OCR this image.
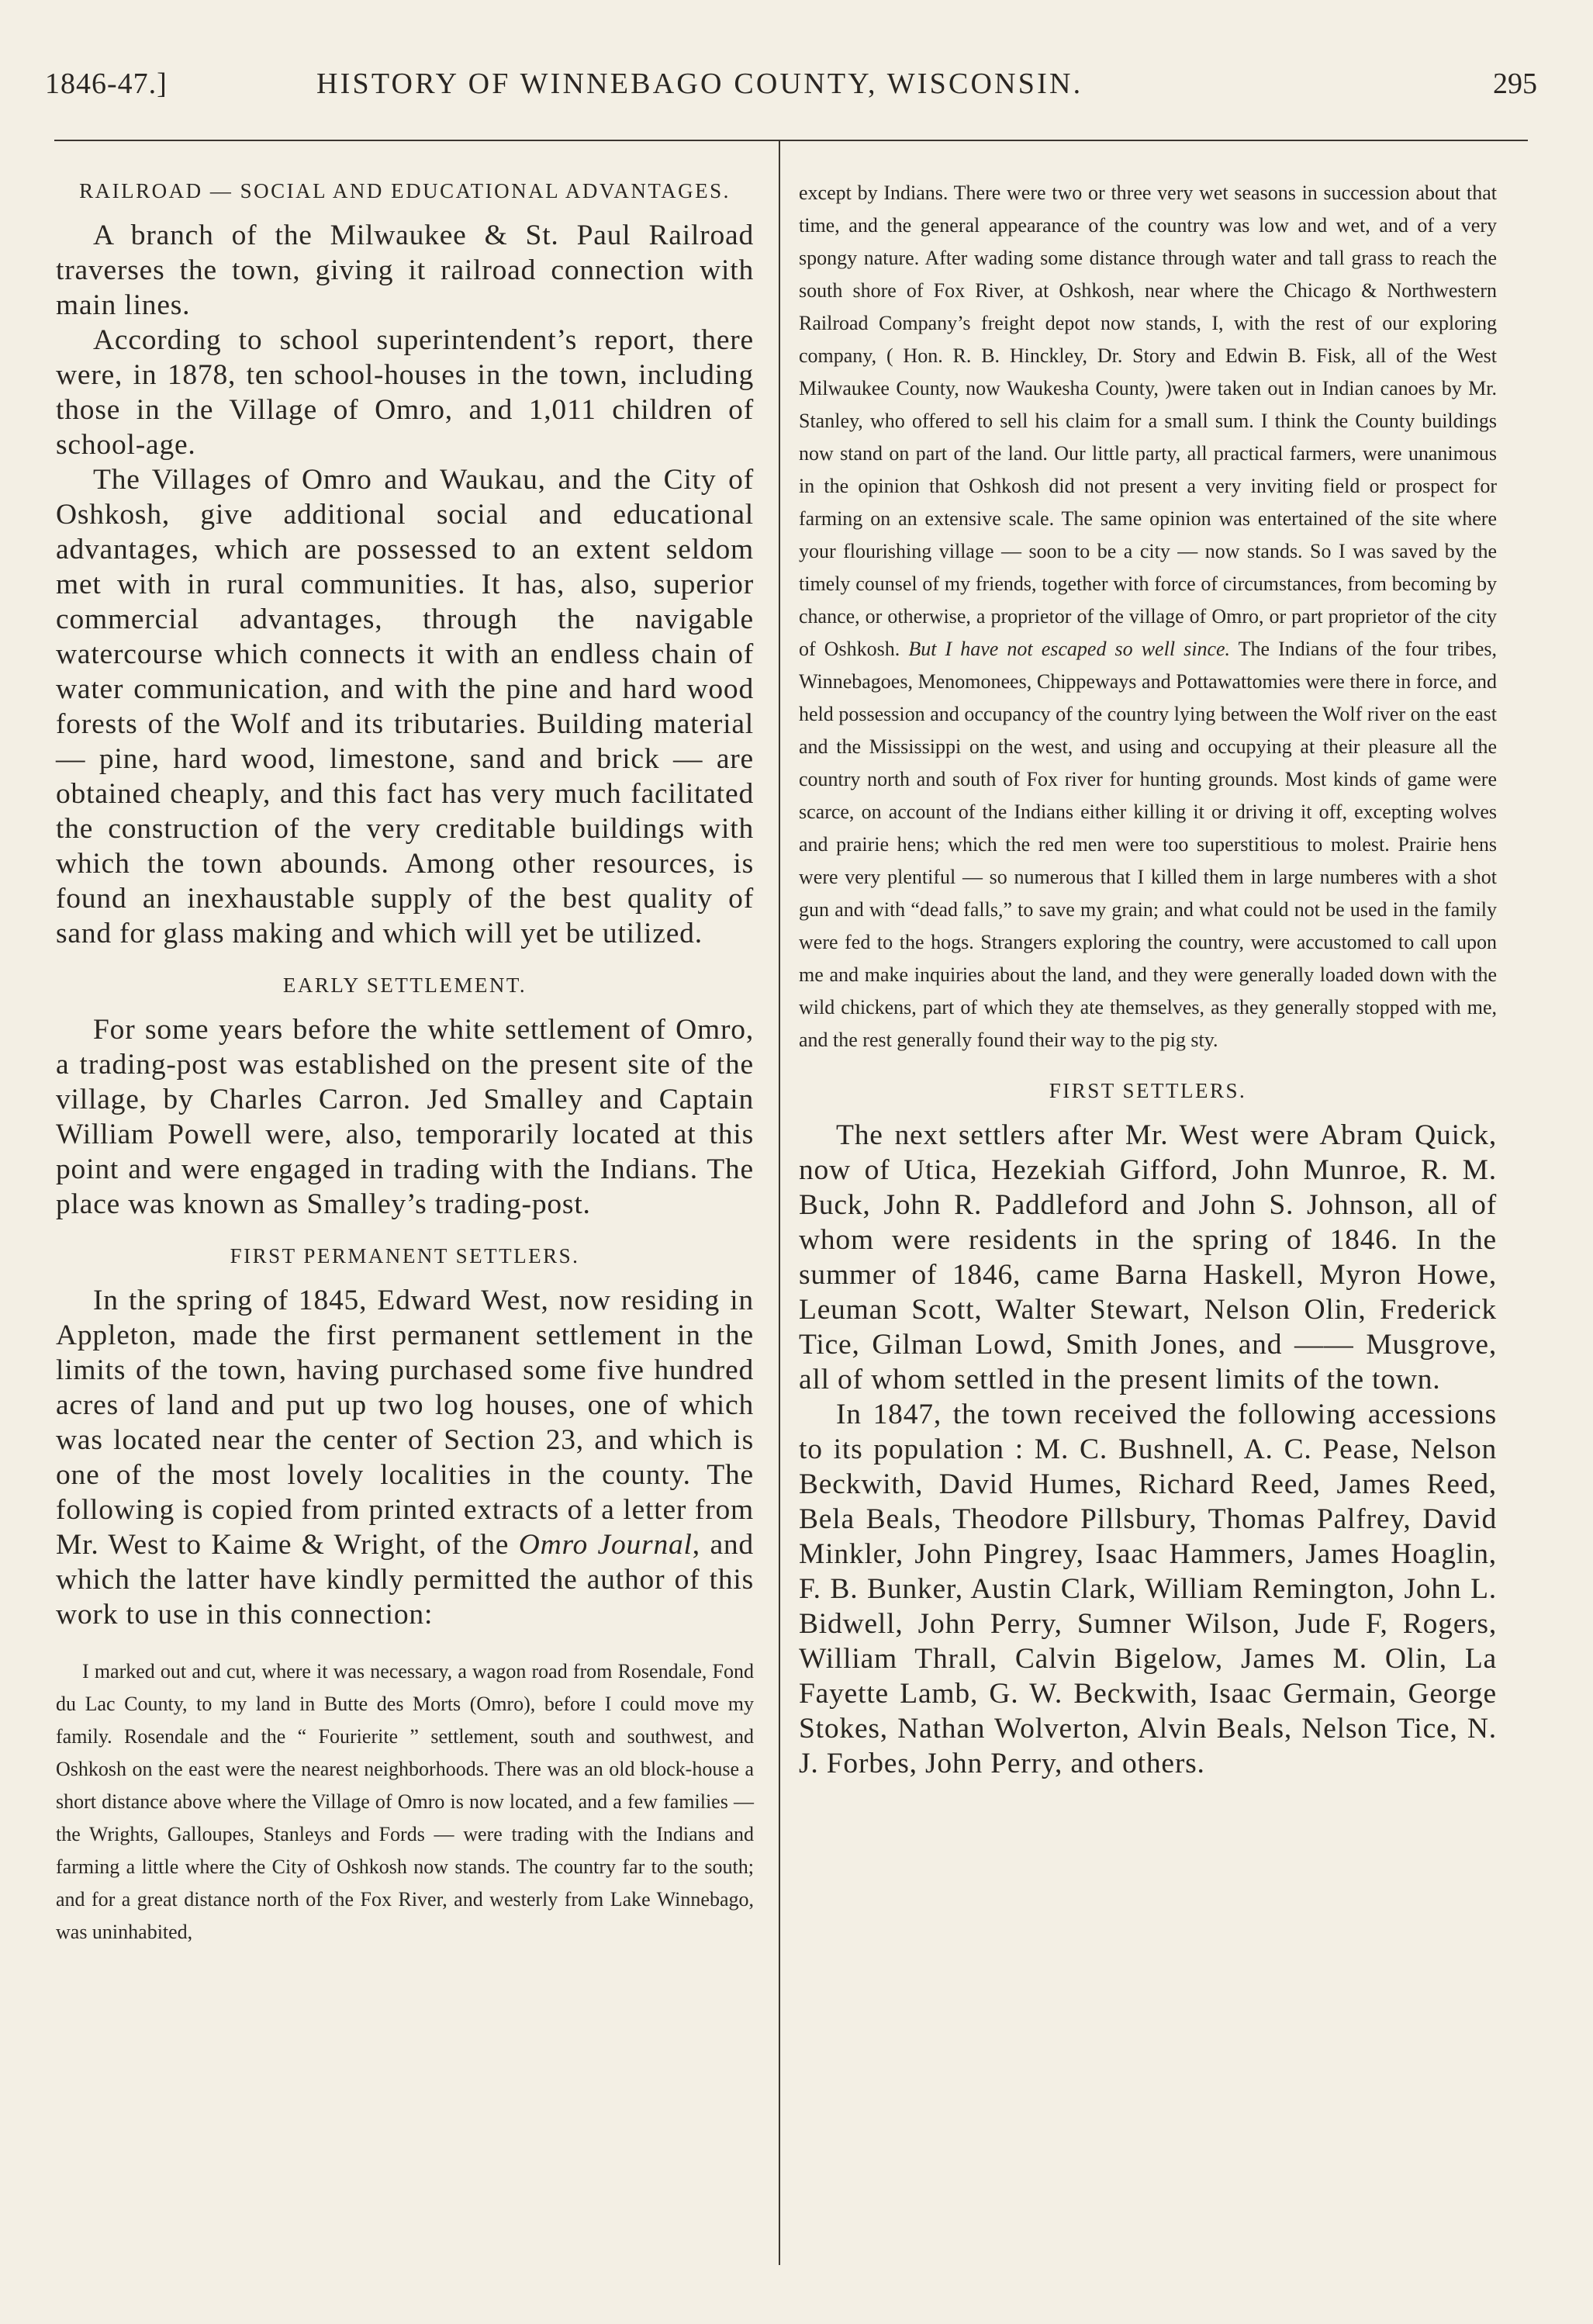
1846-47.]	HISTORY OF WINNEBAGO COUNTY, WISCONSIN.	295
RAILROAD — SOCIAL AND EDUCATIONAL ADVANTAGES.

A branch of the Milwaukee & St. Paul Railroad traverses the town, giving it railroad connection with main lines.

According to school superintendent’s report, there were, in 1878, ten school-houses in the town, including those in the Village of Omro, and 1,011 children of school-age.

The Villages of Omro and Waukau, and the City of Oshkosh, give additional social and educational advantages, which are possessed to an extent seldom met with in rural communities. It has, also, superior commercial advantages, through the navigable watercourse which connects it with an endless chain of water communication, and with the pine and hard wood forests of the Wolf and its tributaries. Building material — pine, hard wood, limestone, sand and brick — are obtained cheaply, and this fact has very much facilitated the construction of the very creditable buildings with which the town abounds. Among other resources, is found an inexhaustable supply of the best quality of sand for glass making and which will yet be utilized.

EARLY SETTLEMENT.

For some years before the white settlement of Omro, a trading-post was established on the present site of the village, by Charles Carron. Jed Smalley and Captain William Powell were, also, temporarily located at this point and were engaged in trading with the Indians. The place was known as Smalley’s trading-post.

FIRST PERMANENT SETTLERS.

In the spring of 1845, Edward West, now residing in Appleton, made the first permanent settlement in the limits of the town, having purchased some five hundred acres of land and put up two log houses, one of which was located near the center of Section 23, and which is one of the most lovely localities in the county. The following is copied from printed extracts of a letter from Mr. West to Kaime & Wright, of the Omro Journal, and which the latter have kindly permitted the author of this work to use in this connection:

I marked out and cut, where it was necessary, a wagon road from Rosendale, Fond du Lac County, to my land in Butte des Morts (Omro), before I could move my family. Rosendale and the “ Fourierite ” settlement, south and southwest, and Oshkosh on the east were the nearest neighborhoods. There was an old block-house a short distance above where the Village of Omro is now located, and a few families — the Wrights, Galloupes, Stanleys and Fords — were trading with the Indians and farming a little where the City of Oshkosh now stands. The country far to the south; and for a great distance north of the Fox River, and westerly from Lake Winnebago, was uninhabited,

except by Indians. There were two or three very wet seasons in succession about that time, and the general appearance of the country was low and wet, and of a very spongy nature. After wading some distance through water and tall grass to reach the south shore of Fox River, at Oshkosh, near where the Chicago & Northwestern Railroad Company’s freight depot now stands, I, with the rest of our exploring company, ( Hon. R. B. Hinckley, Dr. Story and Edwin B. Fisk, all of the West Milwaukee County, now Waukesha County, )were taken out in Indian canoes by Mr. Stanley, who offered to sell his claim for a small sum. I think the County buildings now stand on part of the land. Our little party, all practical farmers, were unanimous in the opinion that Oshkosh did not present a very inviting field or prospect for farming on an extensive scale. The same opinion was entertained of the site where your flourishing village — soon to be a city — now stands. So I was saved by the timely counsel of my friends, together with force of circumstances, from becoming by chance, or otherwise, a proprietor of the village of Omro, or part proprietor of the city of Oshkosh. But I have not escaped so well since. The Indians of the four tribes, Winnebagoes, Menomonees, Chippeways and Pottawattomies were there in force, and held possession and occupancy of the country lying between the Wolf river on the east and the Mississippi on the west, and using and occupying at their pleasure all the country north and south of Fox river for hunting grounds. Most kinds of game were scarce, on account of the Indians either killing it or driving it off, excepting wolves and prairie hens; which the red men were too superstitious to molest. Prairie hens were very plentiful — so numerous that I killed them in large numberes with a shot gun and with “dead falls,” to save my grain; and what could not be used in the family were fed to the hogs. Strangers exploring the country, were accustomed to call upon me and make inquiries about the land, and they were generally loaded down with the wild chickens, part of which they ate themselves, as they generally stopped with me, and the rest generally found their way to the pig sty.

FIRST SETTLERS.

The next settlers after Mr. West were Abram Quick, now of Utica, Hezekiah Gifford, John Munroe, R. M. Buck, John R. Paddleford and John S. Johnson, all of whom were residents in the spring of 1846. In the summer of 1846, came Barna Haskell, Myron Howe, Leuman Scott, Walter Stewart, Nelson Olin, Frederick Tice, Gilman Lowd, Smith Jones, and —— Musgrove, all of whom settled in the present limits of the town.

In 1847, the town received the following accessions to its population : M. C. Bushnell, A. C. Pease, Nelson Beckwith, David Humes, Richard Reed, James Reed, Bela Beals, Theodore Pillsbury, Thomas Palfrey, David Minkler, John Pingrey, Isaac Hammers, James Hoaglin, F. B. Bunker, Austin Clark, William Remington, John L. Bidwell, John Perry, Sumner Wilson, Jude F, Rogers, William Thrall, Calvin Bigelow, James M. Olin, La Fayette Lamb, G. W. Beckwith, Isaac Germain, George Stokes, Nathan Wolverton, Alvin Beals, Nelson Tice, N. J. Forbes, John Perry, and others.
